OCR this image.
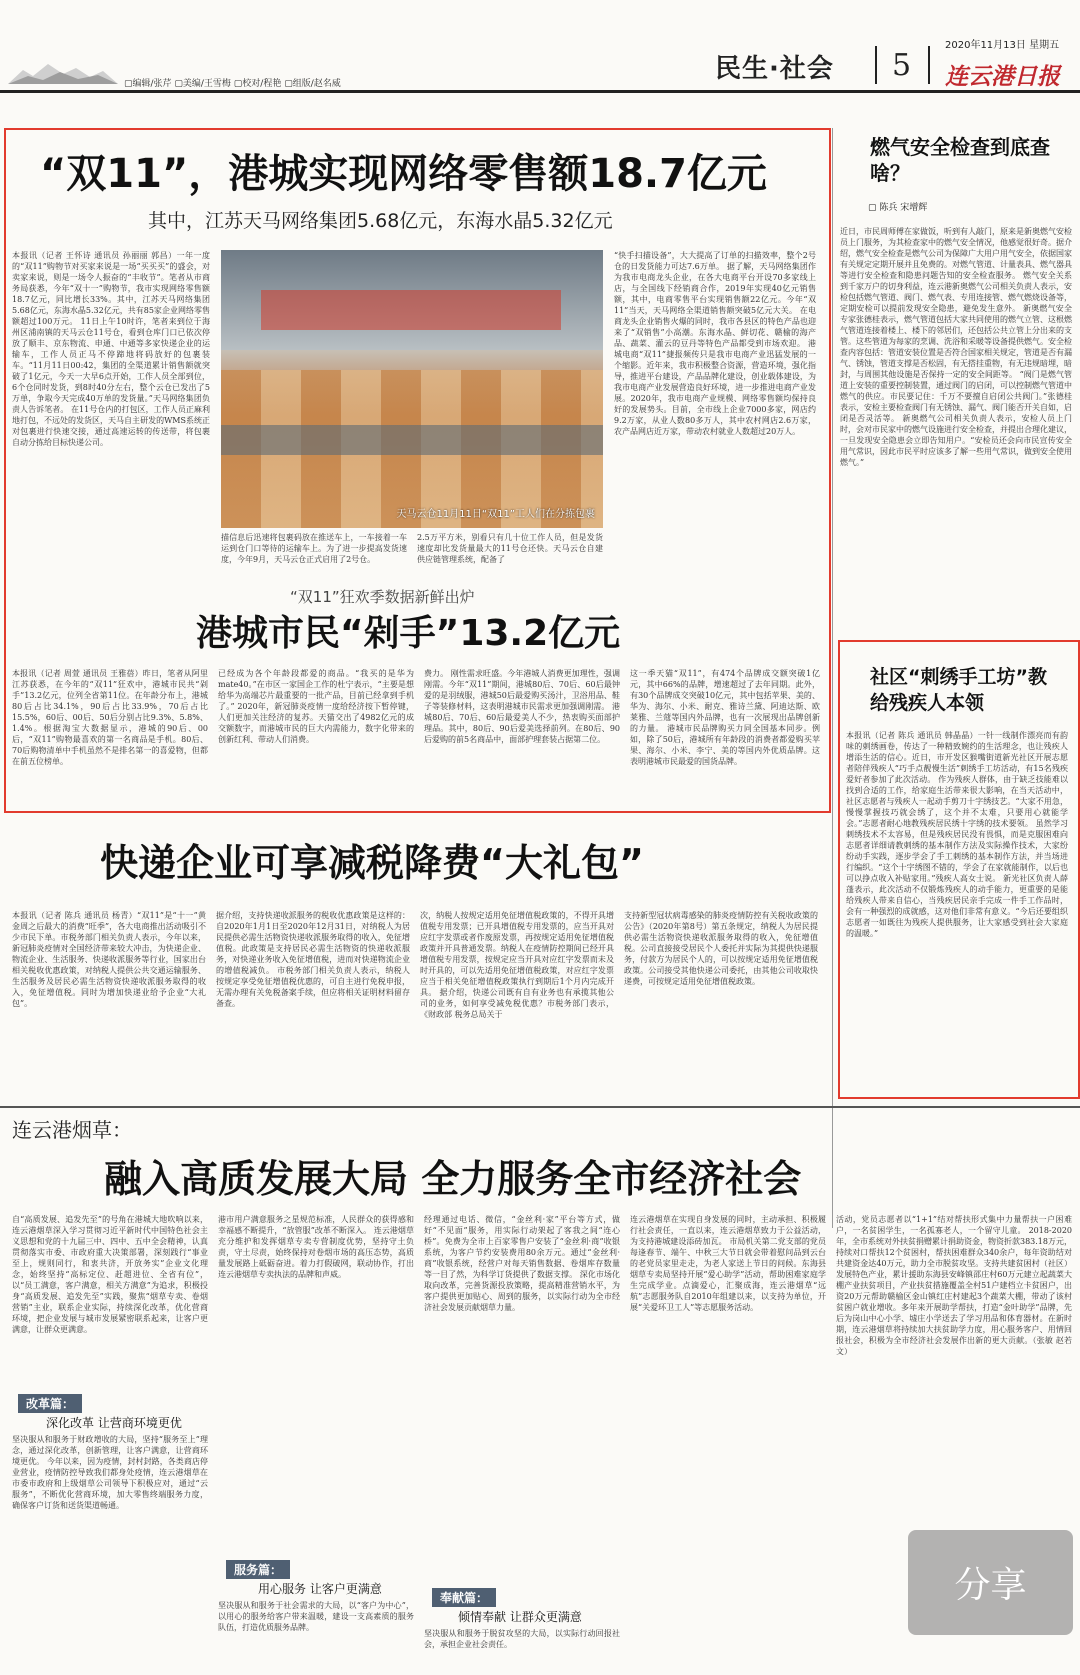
▢编辑/张芹 ▢美编/王雪梅 ▢校对/程艳 ▢组版/赵名威	民生·社会 5
2020年11月13日 星期五
连云港日报
“双11”，港城实现网络零售额18.7亿元
其中，江苏天马网络集团5.68亿元，东海水晶5.32亿元
本报讯（记者 王怀诗 通讯员 孙丽丽 郭昌）一年一度的“双11”购物节对买家来说是一场“买买买”的盛会，对卖家来说，则是一场令人振奋的“丰收节”。笔者从市商务局获悉，今年“双十一”购物节，我市实现网络零售额18.7亿元，同比增长33%。其中，江苏天马网络集团5.68亿元，东海水晶5.32亿元，共有85家企业网络零售额超过100万元。 11日上午10时许，笔者来到位于海州区浦南镇的天马云仓11号仓，看到仓库门口已依次停放了顺丰、京东物流、申通、中通等多家快递企业的运输车，工作人员正马不停蹄地将码放好的包裹装车。“11月11日00:42，集团的全渠道累计销售额就突破了1亿元，今天一大早6点开始，工作人员全部到位，6个仓同时发货，到8时40分左右，整个云仓已发出了5万单，争取今天完成40万单的发货量。”天马网络集团负责人告诉笔者。 在11号仓内的打包区，工作人员正麻利地打包，不远处的发货区，天马自主研发的WMS系统正对包裹进行快速交接，通过高速运转的传送带，将包裹自动分拣给目标快递公司。
天马云仓11月11日“双11”工人们在分拣包裹
描信息后迅速将包裹码放在推送车上，一车接着一车运到仓门口等待的运输车上。为了进一步提高发货速度，今年9月，天马云仓正式启用了2号仓。
2.5万平方米，别看只有几十位工作人员，但是发货速度却比发货量最大的11号仓还快。天马云仓自建供应链管理系统，配备了
“快手扫描设备”，大大提高了订单的扫描效率，整个2号仓的日发货能力可达7.6万单。 据了解，天马网络集团作为我市电商龙头企业，在各大电商平台开设70多家线上店，与全国线下经销商合作，2019年实现40亿元销售额，其中，电商零售平台实现销售额22亿元。今年“双11”当天，天马网络全渠道销售额突破5亿元大关。 在电商龙头企业销售火爆的同时，我市各县区的特色产品也迎来了“双销售”小高潮。东海水晶、鲜切花、赣榆的海产品、蔬菜、灌云的豆丹等特色产品都受到市场欢迎。 港城电商“双11”捷报频传只是我市电商产业迅猛发展的一个缩影。近年来，我市积极整合资源，营造环境，强化指导，推进平台建设，产品品牌化建设，创业载体建设，为我市电商产业发展营造良好环境，进一步推进电商产业发展。2020年，我市电商产业规模、网络零售额均保持良好的发展势头。目前，全市线上企业7000多家，网店约9.2万家，从业人数80多万人，其中农村网店2.6万家，农产品网店近万家，带动农村就业人数超过20万人。
“双11”狂欢季数据新鲜出炉
港城市民“剁手”13.2亿元
本报讯（记者 周萱 通讯员 王雅蓓）昨日，笔者从阿里江苏获悉，在今年的“双11”狂欢中，港城市民共“剁手”13.2亿元，位列全省第11位。在年龄分布上，港城80后占比34.1%，90后占比33.9%，70后占比15.5%，60后、00后、50后分别占比9.3%、5.8%、1.4%。根据淘宝大数据显示，港城的90后、00后，“双11”购物最喜欢的第一名商品是手机。80后、70后购物清单中手机虽然不是排名第一的喜爱物，但都在前五位榜单。
已经成为各个年龄段都爱的商品。“我买的是华为mate40。”在市区一家国企工作的杜宁表示，“主要是想给华为高端芯片最重要的一批产品，目前已经拿到手机了。” 2020年，新冠肺炎疫情一度给经济按下暂停键，人们更加关注经济的复苏。天猫交出了4982亿元的成交额数字，而港城市民的巨大内需能力，数字化带来的创新红利、带动人们消费。
费力。 刚性需求旺盛。今年港城人消费更加理性，强调刚需。今年“双11”期间，港城80后、70后、60后最钟爱的是羽绒服，港城50后最爱购买汤汁，卫浴用品、鞋子等装修材料，这表明港城市民需求更加强调刚需。 港城80后、70后、60后最爱美人不少，热衷购买面部护理品。其中，80后、90后爱美选择前列。在80后、90后爱购的前5名商品中，面部护理套装占据第二位。
这一季天猫“双11”，有474个品牌成交额突破1亿元，其中66%的品牌，增速超过了去年同期。此外，有30个品牌成交突破10亿元，其中包括苹果、美的、华为、海尔、小米、耐克、雅诗兰黛、阿迪达斯、欧莱雅、兰蔻等国内外品牌，也有一次展现出品牌创新的力量。 港城市民品牌购买力同全国基本同步。例如，除了50后，港城所有年龄段的消费者都爱购买苹果、海尔、小米、李宁、美的等国内外优质品牌。这表明港城市民最爱的国货品牌。
快递企业可享减税降费“大礼包”
本报讯（记者 陈兵 通讯员 杨青）“双11”是“十一”黄金周之后最大的消费“旺季”，各大电商推出活动吸引不少市民下单。市税务部门相关负责人表示，今年以来，新冠肺炎疫情对全国经济带来较大冲击，为快递企业、物流企业、生活服务、快递收派服务等行业，国家出台相关税收优惠政策，对纳税人提供公共交通运输服务、生活服务及居民必需生活物资快递收派服务取得的收入，免征增值税。同时为增加快递业给予企业“大礼包”。
据介绍，支持快递收派服务的税收优惠政策是这样的：自2020年1月1日至2020年12月31日，对纳税人为居民提供必需生活物资快递收派服务取得的收入，免征增值税。此政策是支持居民必需生活物资的快递收派服务，对快递业务收入免征增值税，进而对快递物流企业的增值税减负。 市税务部门相关负责人表示，纳税人按规定享受免征增值税优惠的，可自主进行免税申报，无需办理有关免税备案手续，但应将相关证明材料留存备查。
次，纳税人按规定适用免征增值税政策的，不得开具增值税专用发票；已开具增值税专用发票的，应当开具对应红字发票或者作废原发票，再按规定适用免征增值税政策并开具普通发票。纳税人在疫情防控期间已经开具增值税专用发票，按规定应当开具对应红字发票而未及时开具的，可以先适用免征增值税政策，对应红字发票应当于相关免征增值税政策执行到期后1个月内完成开具。 据介绍，快递公司既有自有业务也有承揽其他公司的业务，如何享受减免税优惠？市税务部门表示，《财政部 税务总局关于
支持新型冠状病毒感染的肺炎疫情防控有关税收政策的公告》（2020年第8号）第五条规定，纳税人为居民提供必需生活物资快递收派服务取得的收入，免征增值税。公司直接接受居民个人委托并实际为其提供快递服务，付款方为居民个人的，可以按规定适用免征增值税政策。公司接受其他快递公司委托，由其他公司收取快递费，可按规定适用免征增值税政策。
燃气安全检查到底查啥？
▢ 陈兵 宋增辉
近日，市民周师傅在家做饭，听到有人敲门，原来是新奥燃气安检员上门服务，为其检查家中的燃气安全情况，他感觉很好奇。据介绍，燃气安全检查是燃气公司为保障广大用户用气安全，依据国家有关规定定期开展并且免费的。对燃气管道、计量表具、燃气器具等进行安全检查和隐患问题告知的安全检查服务。 燃气安全关系到千家万户的切身利益，连云港新奥燃气公司相关负责人表示，安检包括燃气管道、阀门、燃气表、专用连接管、燃气燃烧设备等，定期安检可以提前发现安全隐患，避免发生意外。 新奥燃气安全专家张德桂表示，燃气管道包括大家共同使用的燃气立管、这根燃气管道连接着楼上、楼下的邻居们，还包括公共立管上分出来的支管。这些管道为每家的烹调、洗浴和采暖等设备提供燃气。安全检查内容包括：管道安装位置是否符合国家相关规定，管道是否有漏气、锈蚀，管道支撑是否松固，有无搭挂重物，有无违规暗埋，暗封，与周围其他设施是否保持一定的安全间距等。 “阀门是燃气管道上安装的重要控制装置，通过阀门的启闭，可以控制燃气管道中燃气的供应。市民要记住：千万不要擅自启闭公共阀门。”张德桂表示，安检主要检查阀门有无锈蚀、漏气、阀门能否开关自如，启闭是否灵活等。 新奥燃气公司相关负责人表示，安检人员上门时，会对市民家中的燃气设施进行安全检查，并提出合理化建议，一旦发现安全隐患会立即告知用户。“安检员还会向市民宣传安全用气常识，因此市民平时应该多了解一些用气常识，做到安全使用燃气。”
社区“刺绣手工坊”教给残疾人本领
本报讯（记者 陈兵 通讯员 韩晶晶）一针一线制作漂亮而有韵味的刺绣画卷，传达了一种精致婉约的生活理念，也让残疾人增添生活的信心。近日，市开发区猴嘴街道新光社区开展志愿者陪伴残疾人“巧手点靓慢生活”刺绣手工坊活动，有15名残疾爱好者参加了此次活动。 作为残疾人群体，由于缺乏技能难以找到合适的工作，给家庭生活带来很大影响，在当天活动中，社区志愿者与残疾人一起动手剪刀十字绣技艺。“大家不用急，慢慢掌握技巧就会绣了，这个并不太难，只要用心就能学会。”志愿者耐心地教残疾居民绣十字绣的技术要领。 虽然学习刺绣技术不太容易，但是残疾居民没有畏惧，而是克服困难向志愿者详细请教刺绣的基本制作方法及实际操作技术，大家纷纷动手实践，逐步学会了手工刺绣的基本制作方法，并当场进行编织。“这个十字绣图不错的，学会了在家就能制作，以后也可以挣点收入补贴家用。”残疾人高女士说。 新光社区负责人薛蓬表示，此次活动不仅锻炼残疾人的动手能力，更重要的是能给残疾人带来自信心，当残疾居民亲手完成一件手工作品时，会有一种强烈的成就感，这对他们非常有意义。“今后还要组织志愿者一如既往为残疾人提供服务，让大家感受到社会大家庭的温暖。”
连云港烟草：
融入高质发展大局 全力服务全市经济社会
自“高质发展、追发先至”的号角在港城大地吹响以来，连云港烟草深入学习贯彻习近平新时代中国特色社会主义思想和党的十九届三中、四中、五中全会精神，认真贯彻落实市委、市政府重大决策部署，深刻践行“事业至上，规则同行，和衷共济，开放务实”企业文化理念，始终坚持“高标定位、赶超进位、全省有位”，以“员工满意，客户满意，相关方满意”为追求，积极投身“高质发展、追发先至”实践，聚焦“烟草专卖、卷烟营销”主业，联系企业实际，持续深化改革，优化营商环境，把企业发展与城市发展紧密联系起来，让客户更满意，让群众更满意。
改革篇：
深化改革 让营商环境更优
坚决服从和服务于财政增收的大局，坚持“服务至上”理念，通过深化改革，创新管理，让客户满意，让营商环境更优。 今年以来，因为疫情，封村封路，各类商店停业营业，疫情防控导致我们都身处疫情，连云港烟草在市委市政府和上级烟草公司领导下积极应对，通过“云服务”，不断优化营商环境，加大零售终端服务力度，确保客户订货和送货渠道畅通。
港市用户满意服务之星规范标准，人民群众的获得感和幸福感不断提升，“放管服”改革不断深入。 连云港烟草充分维护和发挥烟草专卖专营制度优势，坚持守土负责，守土尽责，始终保持对卷烟市场的高压态势，高质量发展路上砥砺奋进。着力打假破网，联动协作，打出连云港烟草专卖执法的品牌和声威。
服务篇：
用心服务 让客户更满意
坚决服从和服务于社会需求的大局，以“客户为中心”，以用心的服务给客户带来温暖，建设一支高素质的服务队伍，打造优质服务品牌。
经理通过电话、微信，“金丝利·家”平台等方式，做好“不见面”服务，用实际行动架起了客我之间“连心桥”。免费为全市上百家零售户安装了“金丝利·商”收银系统，为客户节约安装费用80余万元。通过“金丝利·商”收银系统，经营户对每天销售数据、卷烟库存数量等一目了然，为科学订货提供了数据支撑。 深化市场化取向改革，完善货源投放策略，提高精准营销水平，为客户提供更加贴心、周到的服务，以实际行动为全市经济社会发展贡献烟草力量。
奉献篇：
倾情奉献 让群众更满意
坚决服从和服务于脱贫攻坚的大局，以实际行动回报社会，承担企业社会责任。
连云港烟草在实现自身发展的同时，主动承担、积极履行社会责任，一直以来，连云港烟草致力于公益活动，为支持港城建设添砖加瓦。 市局机关第二党支部的党员每逢春节、端午、中秋三大节日就会带着慰问品到云台的老党员家里走走，为老人家送上节日的问候。东海县烟草专卖局坚持开展“爱心助学”活动，帮助困难家庭学生完成学业。点滴爱心，汇聚成海，连云港烟草“远航”志愿服务队自2010年组建以来，以支持为单位，开展“关爱环卫工人”等志愿服务活动。
活动，党员志愿者以“1+1”结对帮扶形式集中力量帮扶一户困难户，一名贫困学生，一名孤寡老人，一个留守儿童。 2018-2020年，全市系统对外扶贫捐赠累计捐助资金，物资折款383.18万元，持续对口帮扶12个贫困村，帮扶困难群众340余户，每年资助结对共建资金达40万元，助力全市脱贫攻坚。支持共建贫困村（社区）发展特色产业，累计援助东海县安峰镇邵庄村60万元建立起蔬菜大棚产业扶贫项目，产业扶贫措施覆盖全村51户建档立卡贫困户，出资20万元帮助赣榆区金山镇红庄村建起3个蔬菜大棚，带动了该村贫困户就业增收。多年来开展助学帮扶，打造“金叶助学”品牌，先后为岗山中心小学、墟庄小学送去了学习用品和体育器材。在新时期，连云港烟草将持续加大扶贫助学力度，用心服务客户、用情回报社会，积极为全市经济社会发展作出新的更大贡献。（张敏 赵若文）
分享
